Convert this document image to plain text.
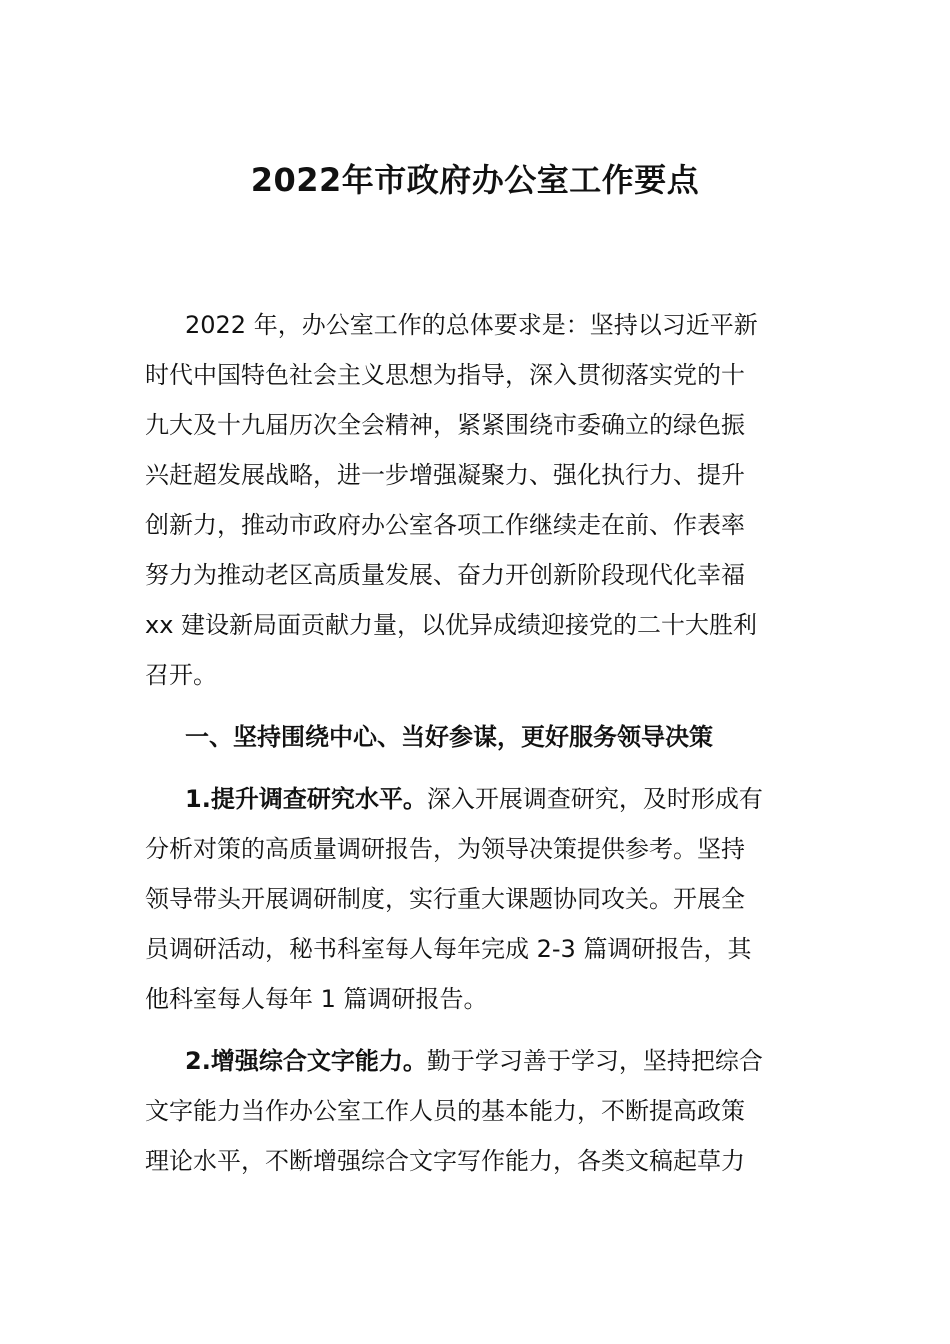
2022年市政府办公室工作要点
2022 年，办公室工作的总体要求是：坚持以习近平新
时代中国特色社会主义思想为指导，深入贯彻落实党的十
九大及十九届历次全会精神，紧紧围绕市委确立的绿色振
兴赶超发展战略，进一步增强凝聚力、强化执行力、提升
创新力，推动市政府办公室各项工作继续走在前、作表率
努力为推动老区高质量发展、奋力开创新阶段现代化幸福
xx 建设新局面贡献力量，以优异成绩迎接党的二十大胜利
召开。
一、坚持围绕中心、当好参谋，更好服务领导决策
1.提升调查研究水平。深入开展调查研究，及时形成有
分析对策的高质量调研报告，为领导决策提供参考。坚持
领导带头开展调研制度，实行重大课题协同攻关。开展全
员调研活动，秘书科室每人每年完成 2-3 篇调研报告，其
他科室每人每年 1 篇调研报告。
2.增强综合文字能力。勤于学习善于学习，坚持把综合
文字能力当作办公室工作人员的基本能力，不断提高政策
理论水平，不断增强综合文字写作能力，各类文稿起草力
